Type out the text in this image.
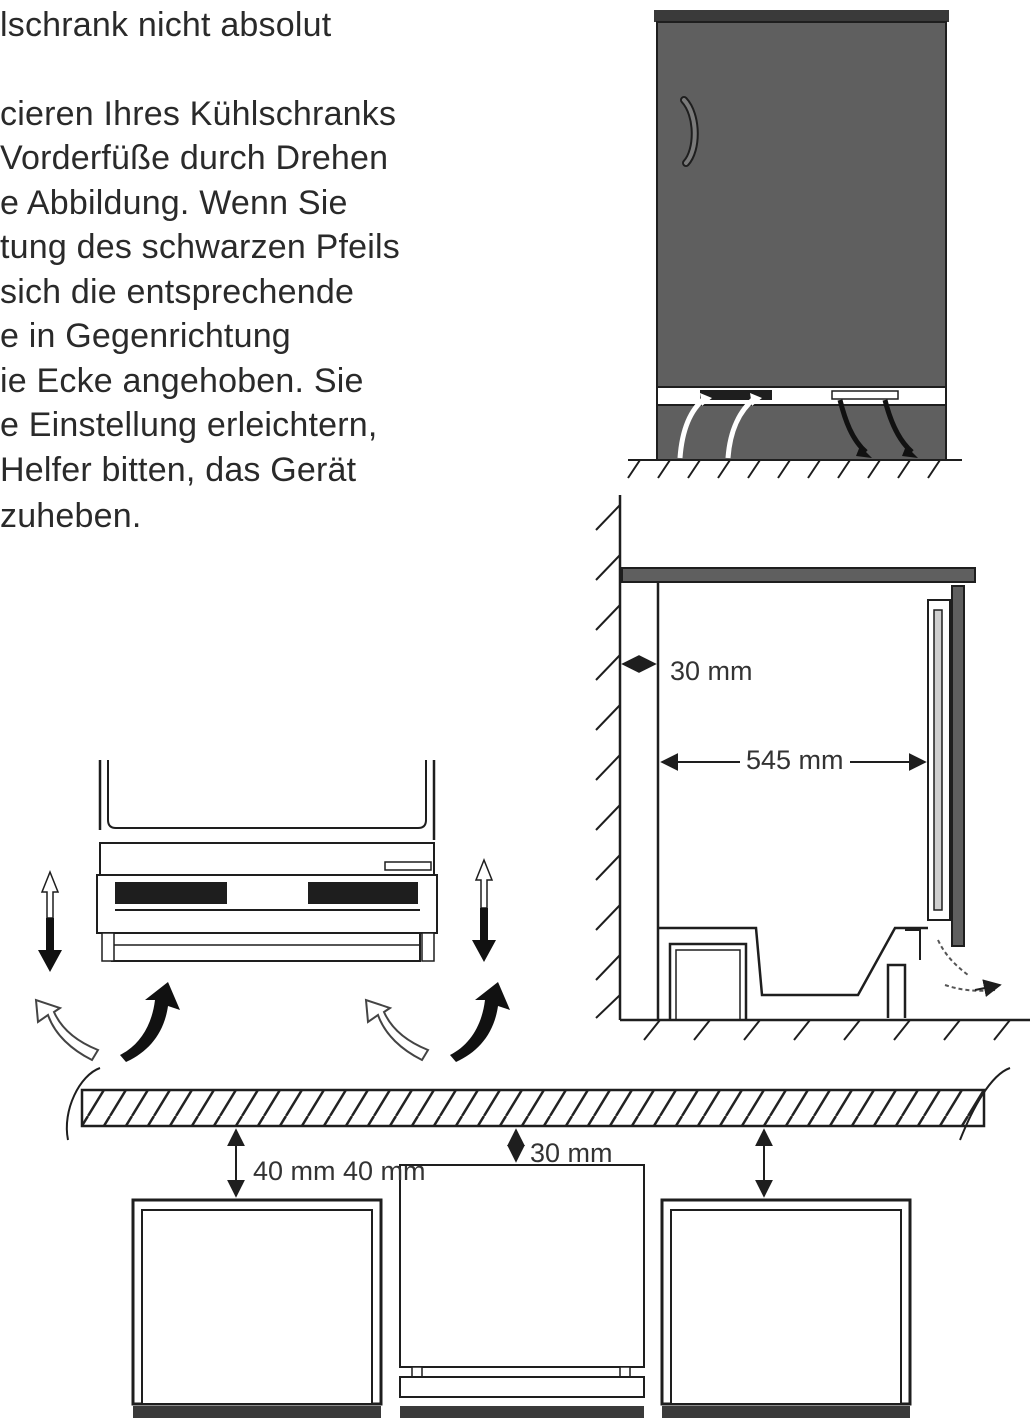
lschrank nicht absolut
cieren Ihres Kühlschranks
Vorderfüße durch Drehen
e Abbildung. Wenn Sie
tung des schwarzen Pfeils
sich die entsprechende
e in Gegenrichtung
ie Ecke angehoben. Sie
e Einstellung erleichtern,
Helfer bitten, das Gerät
zuheben.
30 mm
545 mm
40 mm 40 mm
30 mm
